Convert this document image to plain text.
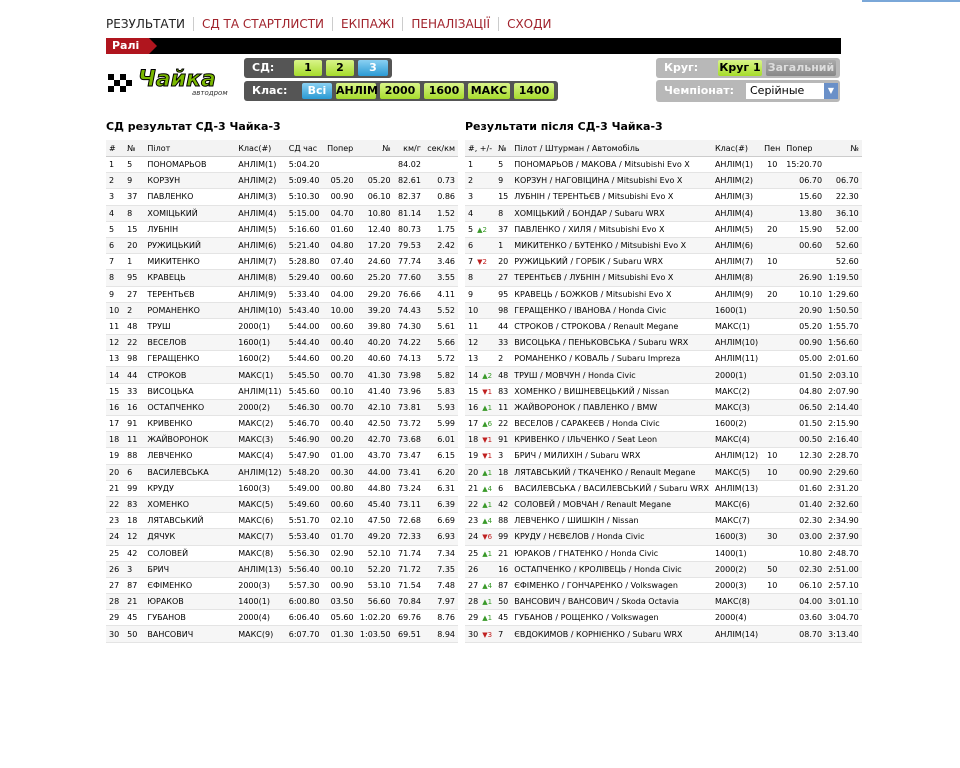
РЕЗУЛЬТАТИ	СД ТА СТАРТЛИСТИ	ЕКІПАЖІ	ПЕНАЛІЗАЦІЇ	СХОДИ
Ралі
Чайка
автодром
СД:	1	2	3
Клас:	Всі АНЛІМ 2000	1600	МАКС	1400
Круг: Круг 1 Загальний
Чемпіонат:	Серійные	▼
СД результат СД-3 Чайка-3	Результати після СД-3 Чайка-3
#	№	Пілот	Клас(#)	СД час	Попер	№	км/г	сек/км
1	5	ПОНОМАРЬОВ	АНЛІМ(1)	5:04.20			84.02	
2	9	КОРЗУН	АНЛІМ(2)	5:09.40	05.20	05.20	82.61	0.73
3	37	ПАВЛЕНКО	АНЛІМ(3)	5:10.30	00.90	06.10	82.37	0.86
4	8	ХОМІЦЬКИЙ	АНЛІМ(4)	5:15.00	04.70	10.80	81.14	1.52
5	15	ЛУБНІН	АНЛІМ(5)	5:16.60	01.60	12.40	80.73	1.75
6	20	РУЖИЦЬКИЙ	АНЛІМ(6)	5:21.40	04.80	17.20	79.53	2.42
7	1	МИКИТЕНКО	АНЛІМ(7)	5:28.80	07.40	24.60	77.74	3.46
8	95	КРАВЕЦЬ	АНЛІМ(8)	5:29.40	00.60	25.20	77.60	3.55
9	27	ТЕРЕНТЬЄВ	АНЛІМ(9)	5:33.40	04.00	29.20	76.66	4.11
10	2	РОМАНЕНКО	АНЛІМ(10)	5:43.40	10.00	39.20	74.43	5.52
11	48	ТРУШ	2000(1)	5:44.00	00.60	39.80	74.30	5.61
12	22	ВЕСЕЛОВ	1600(1)	5:44.40	00.40	40.20	74.22	5.66
13	98	ГЕРАЩЕНКО	1600(2)	5:44.60	00.20	40.60	74.13	5.72
14	44	СТРОКОВ	МАКС(1)	5:45.50	00.70	41.30	73.98	5.82
15	33	ВИСОЦЬКА	АНЛІМ(11)	5:45.60	00.10	41.40	73.96	5.83
16	16	ОСТАПЧЕНКО	2000(2)	5:46.30	00.70	42.10	73.81	5.93
17	91	КРИВЕНКО	МАКС(2)	5:46.70	00.40	42.50	73.72	5.99
18	11	ЖАЙВОРОНОК	МАКС(3)	5:46.90	00.20	42.70	73.68	6.01
19	88	ЛЕВЧЕНКО	МАКС(4)	5:47.90	01.00	43.70	73.47	6.15
20	6	ВАСИЛЕВСЬКА	АНЛІМ(12)	5:48.20	00.30	44.00	73.41	6.20
21	99	КРУДУ	1600(3)	5:49.00	00.80	44.80	73.24	6.31
22	83	ХОМЕНКО	МАКС(5)	5:49.60	00.60	45.40	73.11	6.39
23	18	ЛЯТАВСЬКИЙ	МАКС(6)	5:51.70	02.10	47.50	72.68	6.69
24	12	ДЯЧУК	МАКС(7)	5:53.40	01.70	49.20	72.33	6.93
25	42	СОЛОВЕЙ	МАКС(8)	5:56.30	02.90	52.10	71.74	7.34
26	3	БРИЧ	АНЛІМ(13)	5:56.40	00.10	52.20	71.72	7.35
27	87	ЄФІМЕНКО	2000(3)	5:57.30	00.90	53.10	71.54	7.48
28	21	ЮРАКОВ	1400(1)	6:00.80	03.50	56.60	70.84	7.97
29	45	ГУБАНОВ	2000(4)	6:06.40	05.60	1:02.20	69.76	8.76
30	50	ВАНСОВИЧ	МАКС(9)	6:07.70	01.30	1:03.50	69.51	8.94
#, +/-	№	Пілот / Штурман / Автомобіль	Клас(#)	Пен	Попер	№
1	5	ПОНОМАРЬОВ / МАКОВА / Mitsubishi Evo X	АНЛІМ(1)	10	15:20.70	
2	9	КОРЗУН / НАГОВІЦИНА / Mitsubishi Evo X	АНЛІМ(2)		06.70	06.70
3	15	ЛУБНІН / ТЕРЕНТЬЄВ / Mitsubishi Evo X	АНЛІМ(3)		15.60	22.30
4	8	ХОМІЦЬКИЙ / БОНДАР / Subaru WRX	АНЛІМ(4)		13.80	36.10
5 ▲2	37	ПАВЛЕНКО / ХИЛЯ / Mitsubishi Evo X	АНЛІМ(5)	20	15.90	52.00
6	1	МИКИТЕНКО / БУТЕНКО / Mitsubishi Evo X	АНЛІМ(6)		00.60	52.60
7 ▼2	20	РУЖИЦЬКИЙ / ГОРБІК / Subaru WRX	АНЛІМ(7)	10		52.60
8	27	ТЕРЕНТЬЄВ / ЛУБНІН / Mitsubishi Evo X	АНЛІМ(8)		26.90	1:19.50
9	95	КРАВЕЦЬ / БОЖКОВ / Mitsubishi Evo X	АНЛІМ(9)	20	10.10	1:29.60
10	98	ГЕРАЩЕНКО / ІВАНОВА / Honda Civic	1600(1)		20.90	1:50.50
11	44	СТРОКОВ / СТРОКОВА / Renault Megane	МАКС(1)		05.20	1:55.70
12	33	ВИСОЦЬКА / ПЕНЬКОВСЬКА / Subaru WRX	АНЛІМ(10)		00.90	1:56.60
13	2	РОМАНЕНКО / КОВАЛЬ / Subaru Impreza	АНЛІМ(11)		05.00	2:01.60
14 ▲2	48	ТРУШ / МОВЧУН / Honda Civic	2000(1)		01.50	2:03.10
15 ▼1	83	ХОМЕНКО / ВИШНЕВЕЦЬКИЙ / Nissan	МАКС(2)		04.80	2:07.90
16 ▲1	11	ЖАЙВОРОНОК / ПАВЛЕНКО / BMW	МАКС(3)		06.50	2:14.40
17 ▲6	22	ВЕСЕЛОВ / САРАКЕЄВ / Honda Civic	1600(2)		01.50	2:15.90
18 ▼1	91	КРИВЕНКО / ІЛЬЧЕНКО / Seat Leon	МАКС(4)		00.50	2:16.40
19 ▼1	3	БРИЧ / МИЛИХІН / Subaru WRX	АНЛІМ(12)	10	12.30	2:28.70
20 ▲1	18	ЛЯТАВСЬКИЙ / ТКАЧЕНКО / Renault Megane	МАКС(5)	10	00.90	2:29.60
21 ▲4	6	ВАСИЛЕВСЬКА / ВАСИЛЕВСЬКИЙ / Subaru WRX	АНЛІМ(13)		01.60	2:31.20
22 ▲1	42	СОЛОВЕЙ / МОВЧАН / Renault Megane	МАКС(6)		01.40	2:32.60
23 ▲4	88	ЛЕВЧЕНКО / ШИШКІН / Nissan	МАКС(7)		02.30	2:34.90
24 ▼6	99	КРУДУ / НЄВЄЛОВ / Honda Civic	1600(3)	30	03.00	2:37.90
25 ▲1	21	ЮРАКОВ / ГНАТЕНКО / Honda Civic	1400(1)		10.80	2:48.70
26	16	ОСТАПЧЕНКО / КРОЛІВЕЦЬ / Honda Civic	2000(2)	50	02.30	2:51.00
27 ▲4	87	ЄФІМЕНКО / ГОНЧАРЕНКО / Volkswagen	2000(3)	10	06.10	2:57.10
28 ▲1	50	ВАНСОВИЧ / ВАНСОВИЧ / Skoda Octavia	МАКС(8)		04.00	3:01.10
29 ▲1	45	ГУБАНОВ / РОЩЕНКО / Volkswagen	2000(4)		03.60	3:04.70
30 ▼3	7	ЄВДОКИМОВ / КОРНІЄНКО / Subaru WRX	АНЛІМ(14)		08.70	3:13.40
